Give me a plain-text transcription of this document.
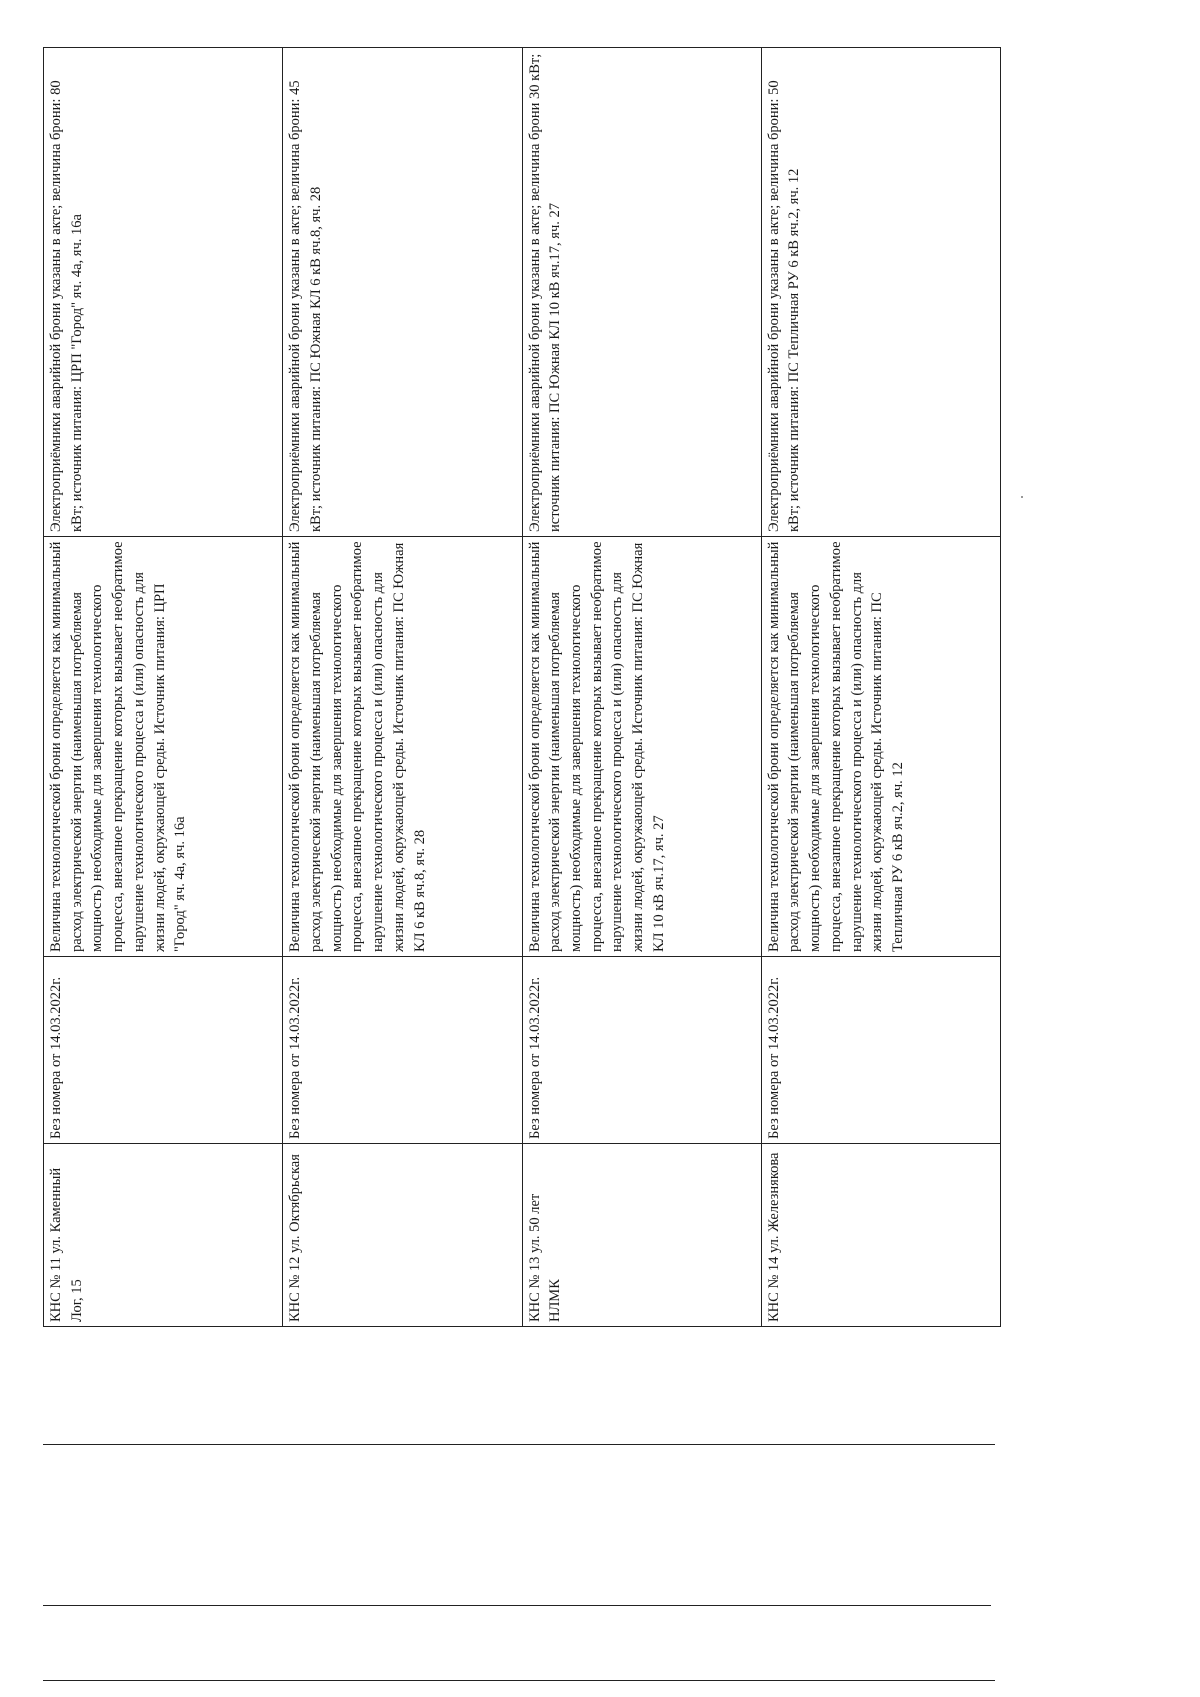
КНС № 11 ул. Каменный Лог, 15	Без номера от 14.03.2022г.	Величина технологической брони определяется как минимальный расход электрической энергии (наименьшая потребляемая мощность) необходимые для завершения технологического процесса, внезапное прекращение которых вызывает необратимое нарушение технологического процесса и (или) опасность для жизни людей, окружающей среды. Источник питания: ЦРП "Город" яч. 4а, яч. 16а	Электроприёмники аварийной брони указаны в акте; величина брони: 80 кВт; источник питания: ЦРП "Город" яч. 4а, яч. 16а
КНС № 12 ул. Октябрьская	Без номера от 14.03.2022г.	Величина технологической брони определяется как минимальный расход электрической энергии (наименьшая потребляемая мощность) необходимые для завершения технологического процесса, внезапное прекращение которых вызывает необратимое нарушение технологического процесса и (или) опасность для жизни людей, окружающей среды. Источник питания: ПС Южная КЛ 6 кВ яч.8, яч. 28	Электроприёмники аварийной брони указаны в акте; величина брони: 45 кВт; источник питания: ПС Южная КЛ 6 кВ яч.8, яч. 28
КНС № 13 ул. 50 лет НЛМК	Без номера от 14.03.2022г.	Величина технологической брони определяется как минимальный расход электрической энергии (наименьшая потребляемая мощность) необходимые для завершения технологического процесса, внезапное прекращение которых вызывает необратимое нарушение технологического процесса и (или) опасность для жизни людей, окружающей среды. Источник питания: ПС Южная КЛ 10 кВ яч.17, яч. 27	Электроприёмники аварийной брони указаны в акте; величина брони 30 кВт; источник питания: ПС Южная КЛ 10 кВ яч.17, яч. 27
КНС № 14 ул. Железнякова	Без номера от 14.03.2022г.	Величина технологической брони определяется как минимальный расход электрической энергии (наименьшая потребляемая мощность) необходимые для завершения технологического процесса, внезапное прекращение которых вызывает необратимое нарушение технологического процесса и (или) опасность для жизни людей, окружающей среды. Источник питания: ПС Тепличная РУ 6 кВ яч.2, яч. 12	Электроприёмники аварийной брони указаны в акте; величина брони: 50 кВт; источник питания: ПС Тепличная РУ 6 кВ яч.2, яч. 12
